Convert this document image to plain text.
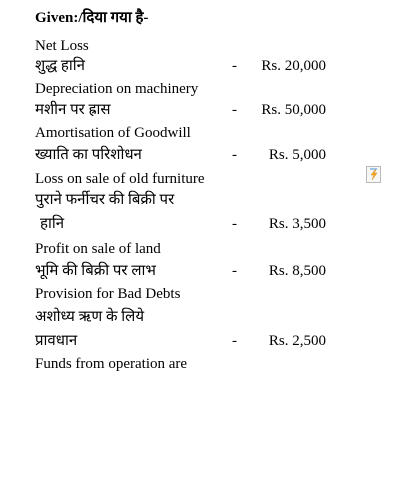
Given:/दिया गया है-
Net Loss
शुद्ध हानि	- Rs. 20,000
Depreciation on machinery
मशीन पर ह्रास	- Rs. 50,000
Amortisation of Goodwill
ख्याति का परिशोधन	- Rs. 5,000
Loss on sale of old furniture
पुराने फर्नीचर की बिक्री पर
हानि	- Rs. 3,500
Profit on sale of land
भूमि की बिक्री पर लाभ	- Rs. 8,500
Provision for Bad Debts
अशोध्य ऋण के लिये
प्रावधान	- Rs. 2,500
Funds from operation are
